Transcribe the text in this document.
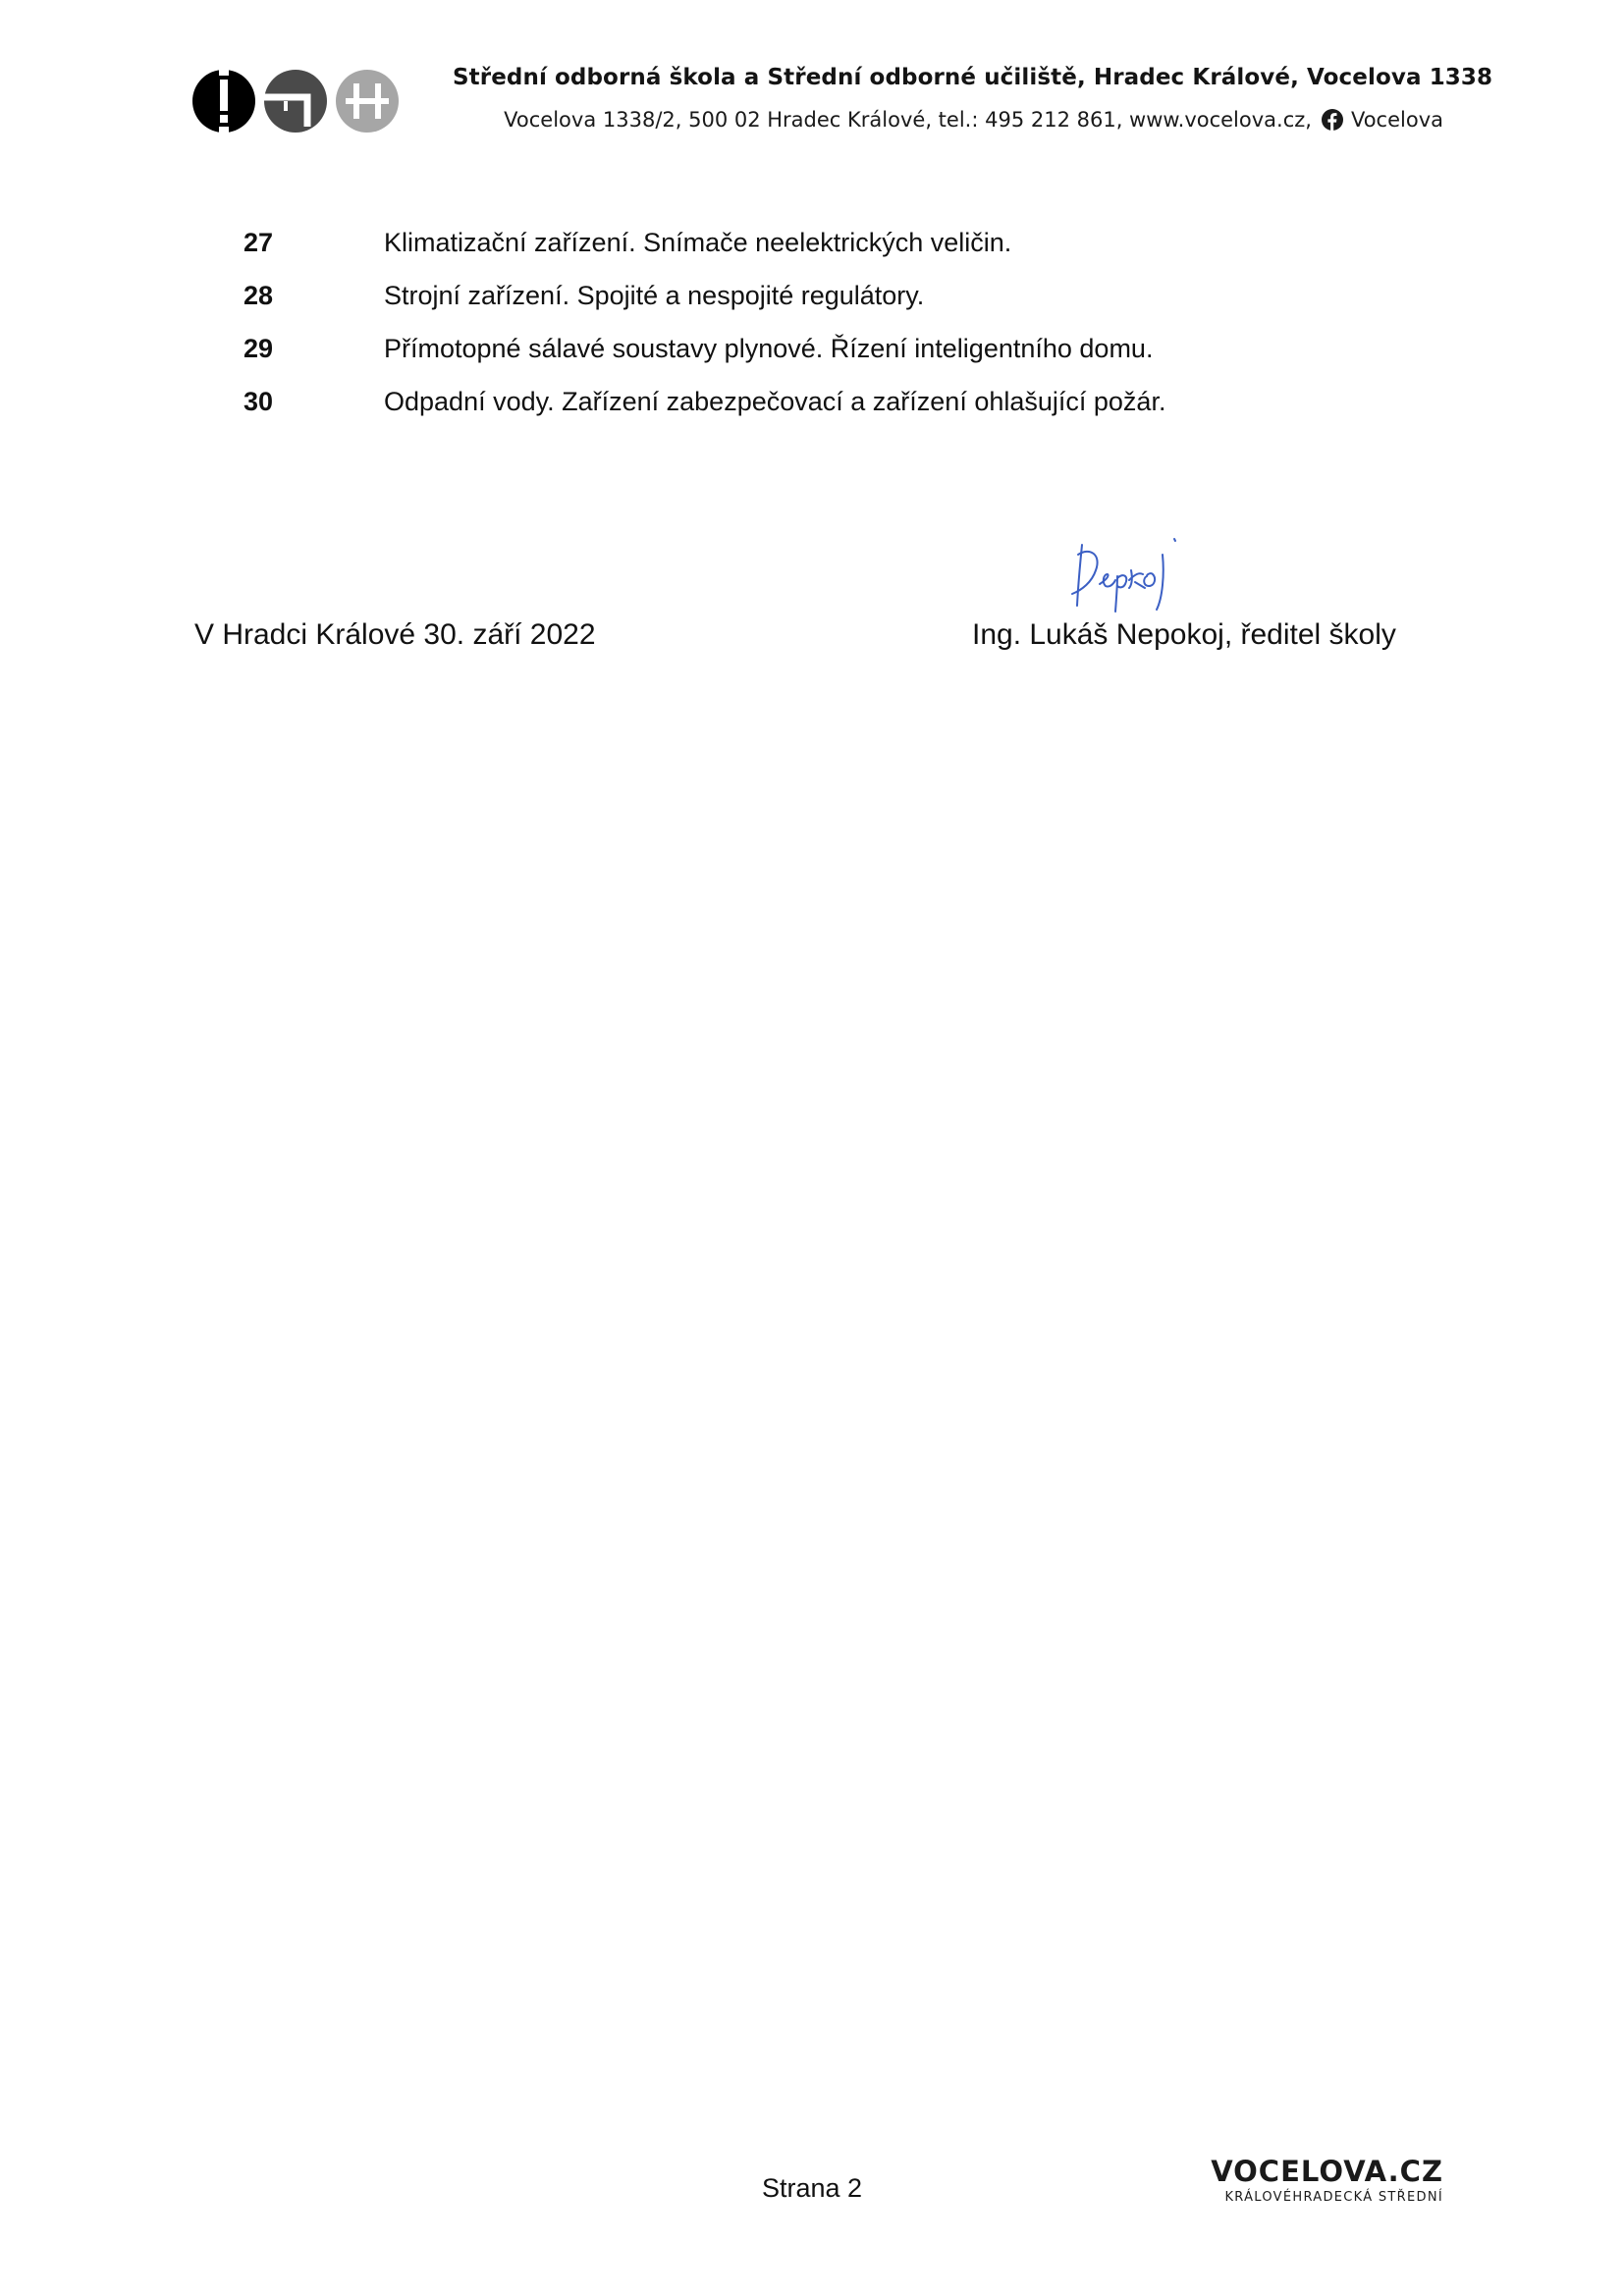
Střední odborná škola a Střední odborné učiliště, Hradec Králové, Vocelova 1338
Vocelova 1338/2, 500 02 Hradec Králové, tel.: 495 212 861, www.vocelova.cz, Vocelova
27	Klimatizační zařízení. Snímače neelektrických veličin.
28	Strojní zařízení. Spojité a nespojité regulátory.
29	Přímotopné sálavé soustavy plynové. Řízení inteligentního domu.
30	Odpadní vody. Zařízení zabezpečovací a zařízení ohlašující požár.
V Hradci Králové 30. září 2022	Ing. Lukáš Nepokoj, ředitel školy
Strana 2	VOCELOVA.CZ
KRÁLOVÉHRADECKÁ STŘEDNÍ
